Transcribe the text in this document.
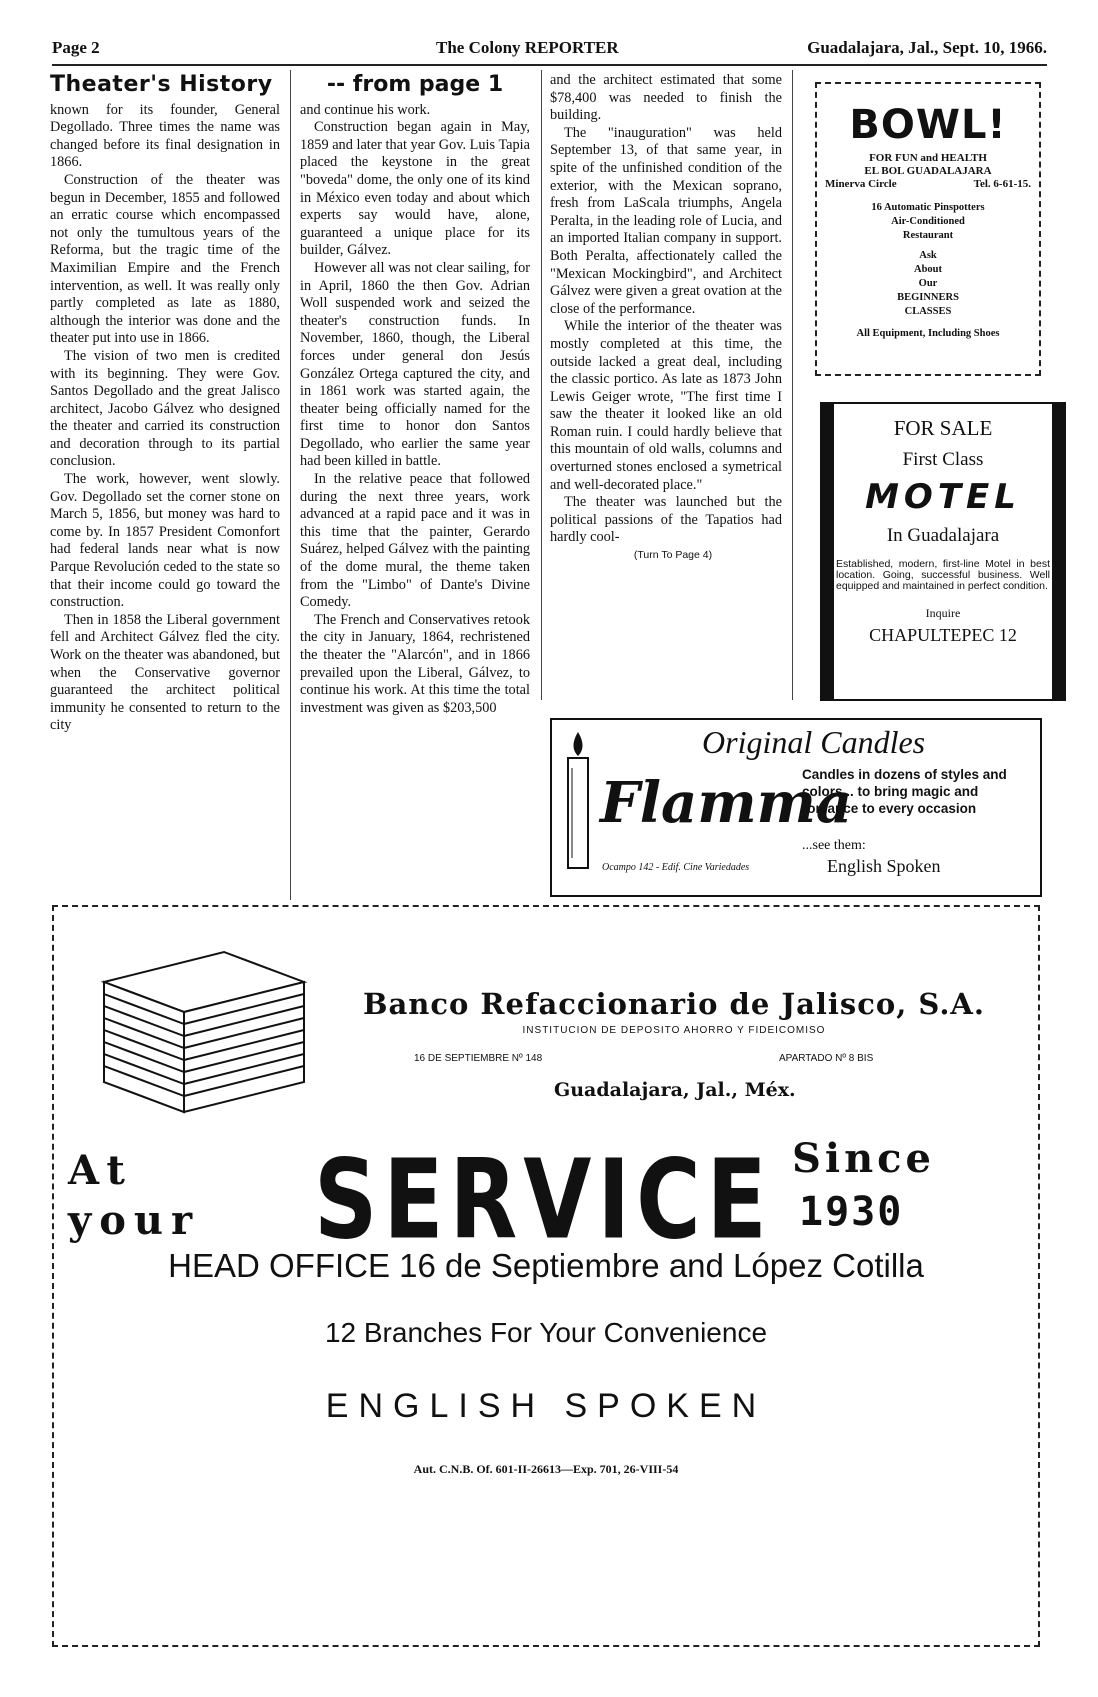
Page 2	The Colony REPORTER	Guadalajara, Jal., Sept. 10, 1966.
Theater's History

known for its founder, General Degollado. Three times the name was changed before its final designation in 1866.

Construction of the theater was begun in December, 1855 and followed an erratic course which encompassed not only the tumultous years of the Reforma, but the tragic time of the Maximilian Empire and the French intervention, as well. It was really only partly completed as late as 1880, although the interior was done and the theater put into use in 1866.

The vision of two men is credited with its beginning. They were Gov. Santos Degollado and the great Jalisco architect, Jacobo Gálvez who designed the theater and carried its construction and decoration through to its partial conclusion.

The work, however, went slowly. Gov. Degollado set the corner stone on March 5, 1856, but money was hard to come by. In 1857 President Comonfort had federal lands near what is now Parque Revolución ceded to the state so that their income could go toward the construction.

Then in 1858 the Liberal government fell and Architect Gálvez fled the city. Work on the theater was abandoned, but when the Conservative governor guaranteed the architect political immunity he consented to return to the city

-- from page 1

and continue his work.

Construction began again in May, 1859 and later that year Gov. Luis Tapia placed the keystone in the great "boveda" dome, the only one of its kind in México even today and about which experts say would have, alone, guaranteed a unique place for its builder, Gálvez.

However all was not clear sailing, for in April, 1860 the then Gov. Adrian Woll suspended work and seized the theater's construction funds. In November, 1860, though, the Liberal forces under general don Jesús González Ortega captured the city, and in 1861 work was started again, the theater being officially named for the first time to honor don Santos Degollado, who earlier the same year had been killed in battle.

In the relative peace that followed during the next three years, work advanced at a rapid pace and it was in this time that the painter, Gerardo Suárez, helped Gálvez with the painting of the dome mural, the theme taken from the "Limbo" of Dante's Divine Comedy.

The French and Conservatives retook the city in January, 1864, rechristened the theater the "Alarcón", and in 1866 prevailed upon the Liberal, Gálvez, to continue his work. At this time the total investment was given as $203,500

and the architect estimated that some $78,400 was needed to finish the building.

The "inauguration" was held September 13, of that same year, in spite of the unfinished condition of the exterior, with the Mexican soprano, fresh from LaScala triumphs, Angela Peralta, in the leading role of Lucia, and an imported Italian company in support. Both Peralta, affectionately called the "Mexican Mockingbird", and Architect Gálvez were given a great ovation at the close of the performance.

While the interior of the theater was mostly completed at this time, the outside lacked a great deal, including the classic portico. As late as 1873 John Lewis Geiger wrote, "The first time I saw the theater it looked like an old Roman ruin. I could hardly believe that this mountain of old walls, columns and overturned stones enclosed a symetrical and well-decorated place."

The theater was launched but the political passions of the Tapatios had hardly cool-

(Turn To Page 4)

BOWL!
FOR FUN and HEALTH
EL BOL GUADALAJARA
Minerva Circle	Tel. 6-61-15.
16 Automatic Pinspotters
Air-Conditioned
Restaurant
Ask
About
Our
BEGINNERS
CLASSES
All Equipment, Including Shoes
FOR SALE
First Class
MOTEL
In Guadalajara
Established, modern, first-line Motel in best location. Going, successful business. Well equipped and maintained in perfect condition.
Inquire
CHAPULTEPEC 12
Original Candles
Flamma
Ocampo 142 - Edif. Cine Variedades
Candles in dozens of styles and colors... to bring magic and romance to every occasion
...see them:
English Spoken
Banco Refaccionario de Jalisco, S.A.
INSTITUCION DE DEPOSITO AHORRO Y FIDEICOMISO
16 DE SEPTIEMBRE Nº 148	APARTADO Nº 8 BIS
Guadalajara, Jal., Méx.
At
your SERVICE Since
1930
HEAD OFFICE 16 de Septiembre and López Cotilla
12 Branches For Your Convenience
ENGLISH SPOKEN
Aut. C.N.B. Of. 601-II-26613—Exp. 701, 26-VIII-54
